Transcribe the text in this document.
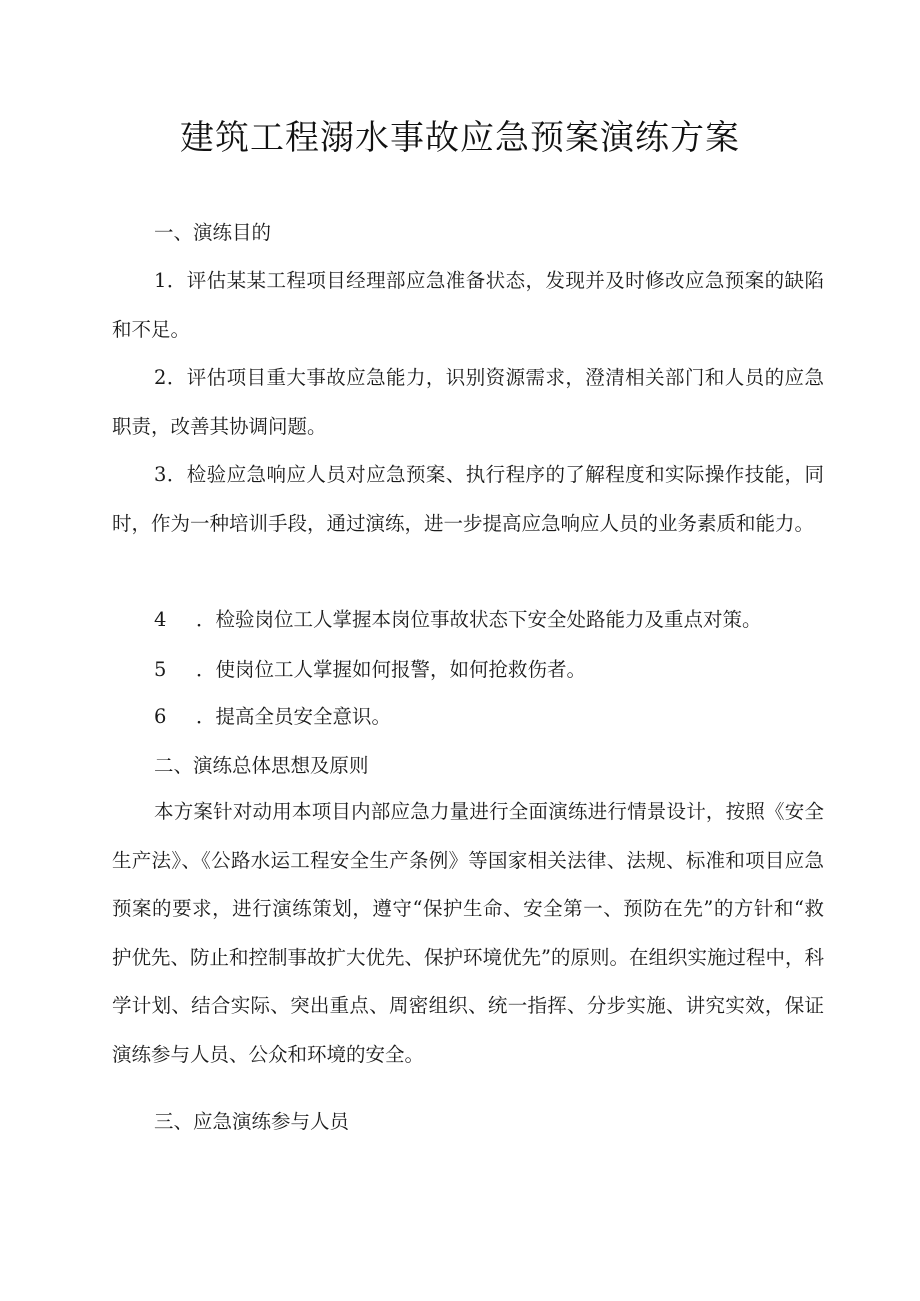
建筑工程溺水事故应急预案演练方案

一、演练目的

1．评估某某工程项目经理部应急准备状态，发现并及时修改应急预案的缺陷和不足。

2．评估项目重大事故应急能力，识别资源需求，澄清相关部门和人员的应急职责，改善其协调问题。

3．检验应急响应人员对应急预案、执行程序的了解程度和实际操作技能，同时，作为一种培训手段，通过演练，进一步提高应急响应人员的业务素质和能力。

4 ．检验岗位工人掌握本岗位事故状态下安全处路能力及重点对策。

5 ．使岗位工人掌握如何报警，如何抢救伤者。

6 ．提高全员安全意识。

二、演练总体思想及原则

本方案针对动用本项目内部应急力量进行全面演练进行情景设计，按照《安全生产法》、《公路水运工程安全生产条例》等国家相关法律、法规、标准和项目应急预案的要求，进行演练策划，遵守“保护生命、安全第一、预防在先”的方针和“救护优先、防止和控制事故扩大优先、保护环境优先”的原则。在组织实施过程中，科学计划、结合实际、突出重点、周密组织、统一指挥、分步实施、讲究实效，保证演练参与人员、公众和环境的安全。

三、应急演练参与人员
